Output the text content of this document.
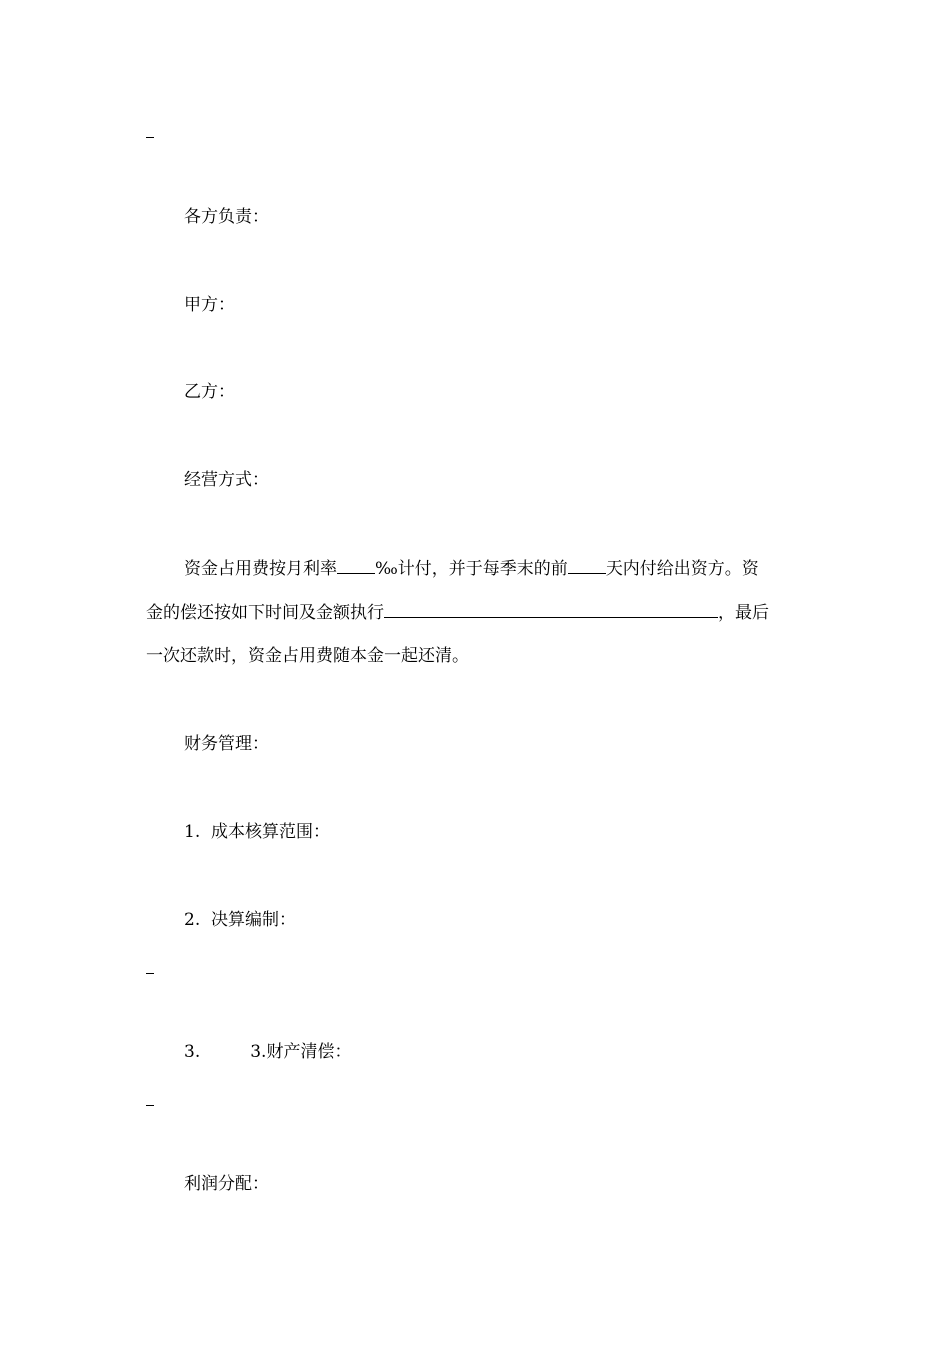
各方负责：
甲方：
乙方：
经营方式：
资金占用费按月利率 ‰计付，并于每季末的前 天内付给出资方。资
金的偿还按如下时间及金额执行	，最后
一次还款时，资金占用费随本金一起还清。
财务管理：
1. 成本核算范围：
2. 决算编制：
3.	3.财产清偿：
利润分配：
